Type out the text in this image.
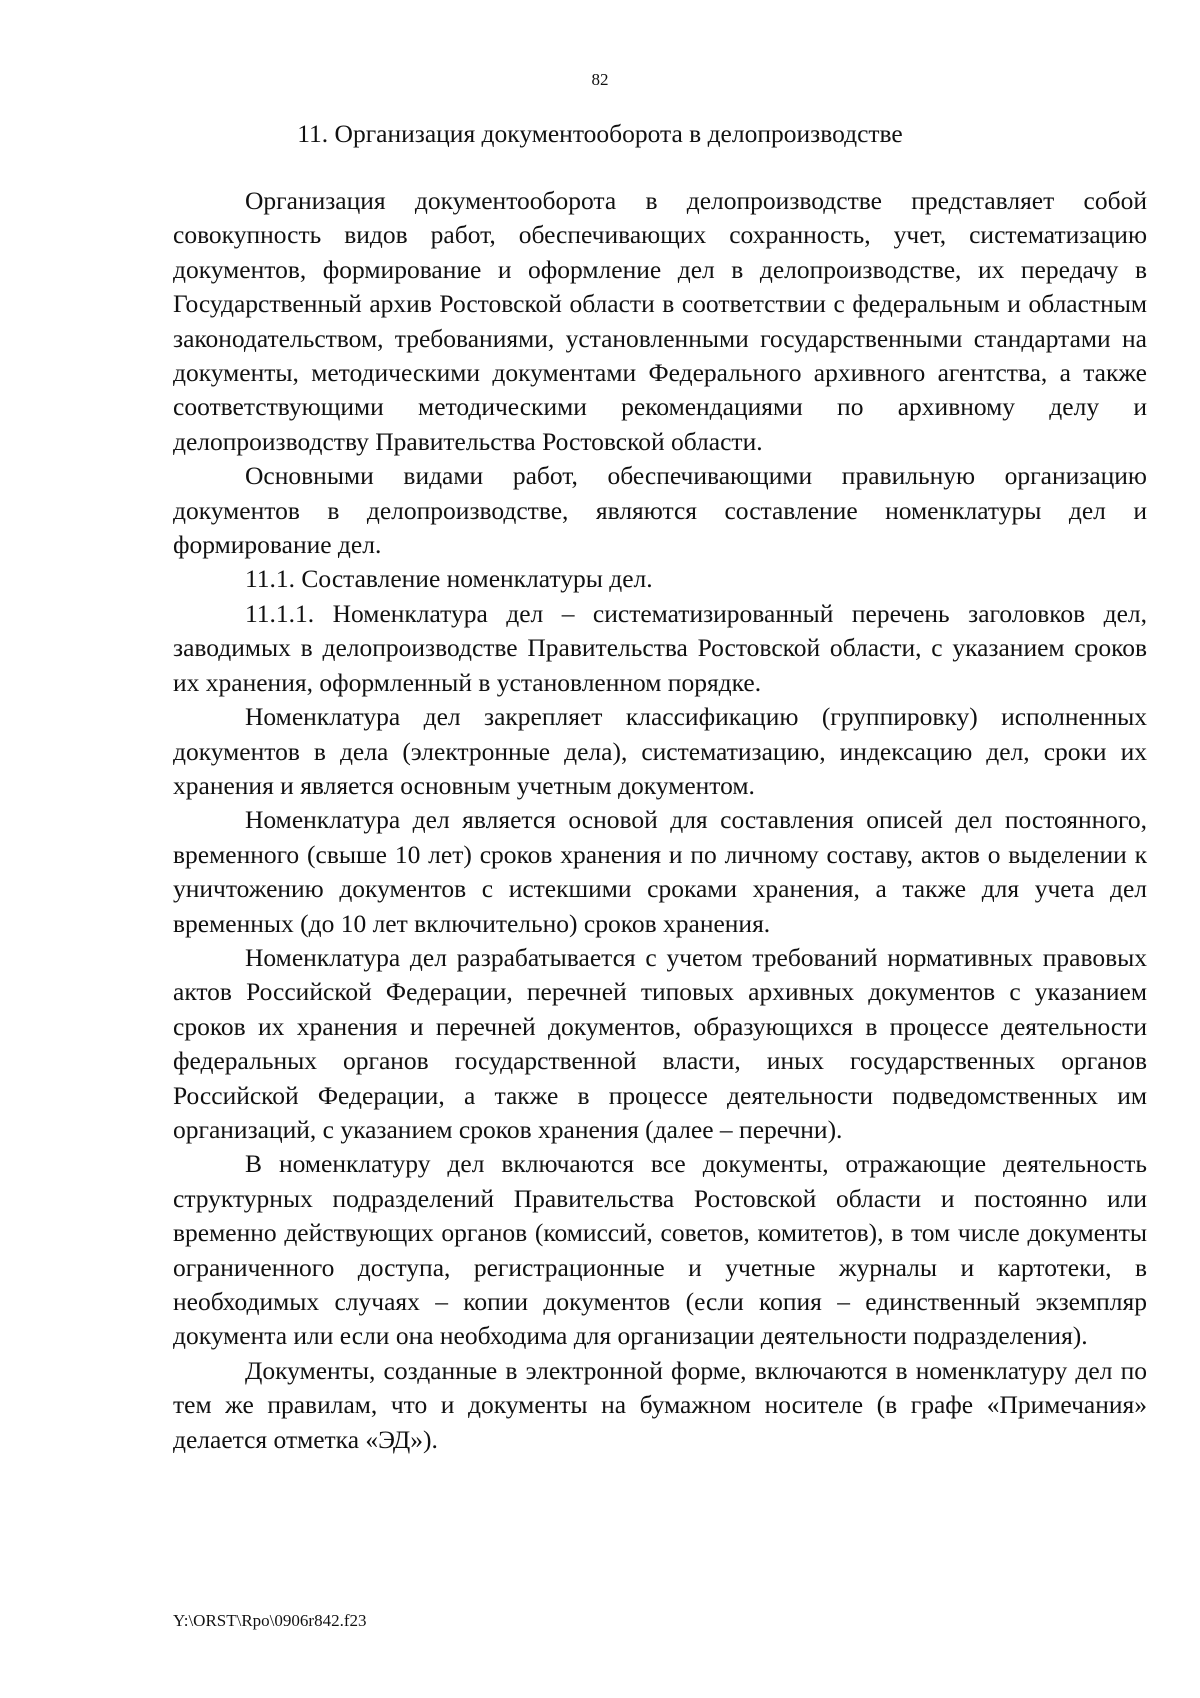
82
11. Организация документооборота в делопроизводстве

Организация документооборота в делопроизводстве представляет собой совокупность видов работ, обеспечивающих сохранность, учет, систематизацию документов, формирование и оформление дел в делопроизводстве, их передачу в Государственный архив Ростовской области в соответствии с федеральным и областным законодательством, требованиями, установленными государственными стандартами на документы, методическими документами Федерального архивного агентства, а также соответствующими методическими рекомендациями по архивному делу и делопроизводству Правительства Ростовской области.

Основными видами работ, обеспечивающими правильную организацию документов в делопроизводстве, являются составление номенклатуры дел и формирование дел.

11.1. Составление номенклатуры дел.

11.1.1. Номенклатура дел – систематизированный перечень заголовков дел, заводимых в делопроизводстве Правительства Ростовской области, с указанием сроков их хранения, оформленный в установленном порядке.

Номенклатура дел закрепляет классификацию (группировку) исполненных документов в дела (электронные дела), систематизацию, индексацию дел, сроки их хранения и является основным учетным документом.

Номенклатура дел является основой для составления описей дел постоянного, временного (свыше 10 лет) сроков хранения и по личному составу, актов о выделении к уничтожению документов с истекшими сроками хранения, а также для учета дел временных (до 10 лет включительно) сроков хранения.

Номенклатура дел разрабатывается с учетом требований нормативных правовых актов Российской Федерации, перечней типовых архивных документов с указанием сроков их хранения и перечней документов, образующихся в процессе деятельности федеральных органов государственной власти, иных государственных органов Российской Федерации, а также в процессе деятельности подведомственных им организаций, с указанием сроков хранения (далее – перечни).

В номенклатуру дел включаются все документы, отражающие деятельность структурных подразделений Правительства Ростовской области и постоянно или временно действующих органов (комиссий, советов, комитетов), в том числе документы ограниченного доступа, регистрационные и учетные журналы и картотеки, в необходимых случаях – копии документов (если копия – единственный экземпляр документа или если она необходима для организации деятельности подразделения).

Документы, созданные в электронной форме, включаются в номенклатуру дел по тем же правилам, что и документы на бумажном носителе (в графе «Примечания» делается отметка «ЭД»).

Y:\ORST\Rpo\0906r842.f23
